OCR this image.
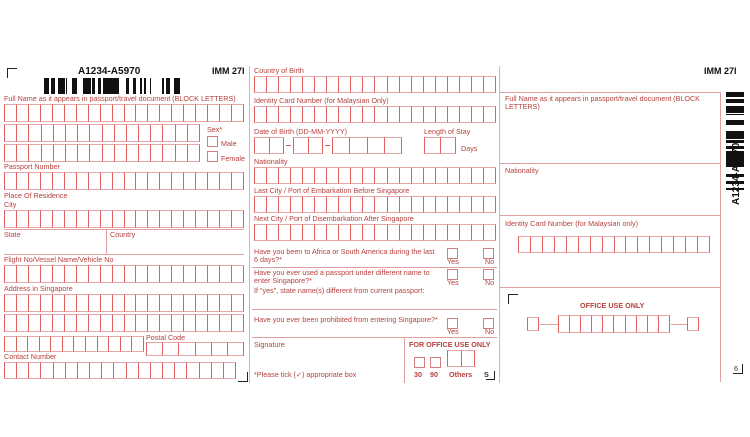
A1234-A5970	IMM 27I
Full Name as it appears in passport/travel document (BLOCK LETTERS)
Sex*
Male
Female
Passport Number
Place Of Residence
City
State	Country
Flight No/Vessel Name/Vehicle No
Address in Singapore
Postal Code
Contact Number
Country of Birth
Identity Card Number (for Malaysian Only)
Date of Birth (DD-MM-YYYY)	Length of Stay
Days
Nationality
Last City / Port of Embarkation Before Singapore
Next City / Port of Disembarkation After Singapore
Have you been to Africa or South America during the last 6 days?*	Yes	No
Have you ever used a passport under different name to enter Singapore?*	Yes	No
If "yes", state name(s) different from current passport:
Have you ever been prohibited from entering Singapore?*
Yes	No
Signature
*Please tick (✓) appropriate box
FOR OFFICE USE ONLY
30 90 Others S
IMM 27I
A1234-A5970
Full Name as it appears in passport/travel document (BLOCK LETTERS)
Nationality
Identity Card Number (for Malaysian only)
OFFICE USE ONLY
6
